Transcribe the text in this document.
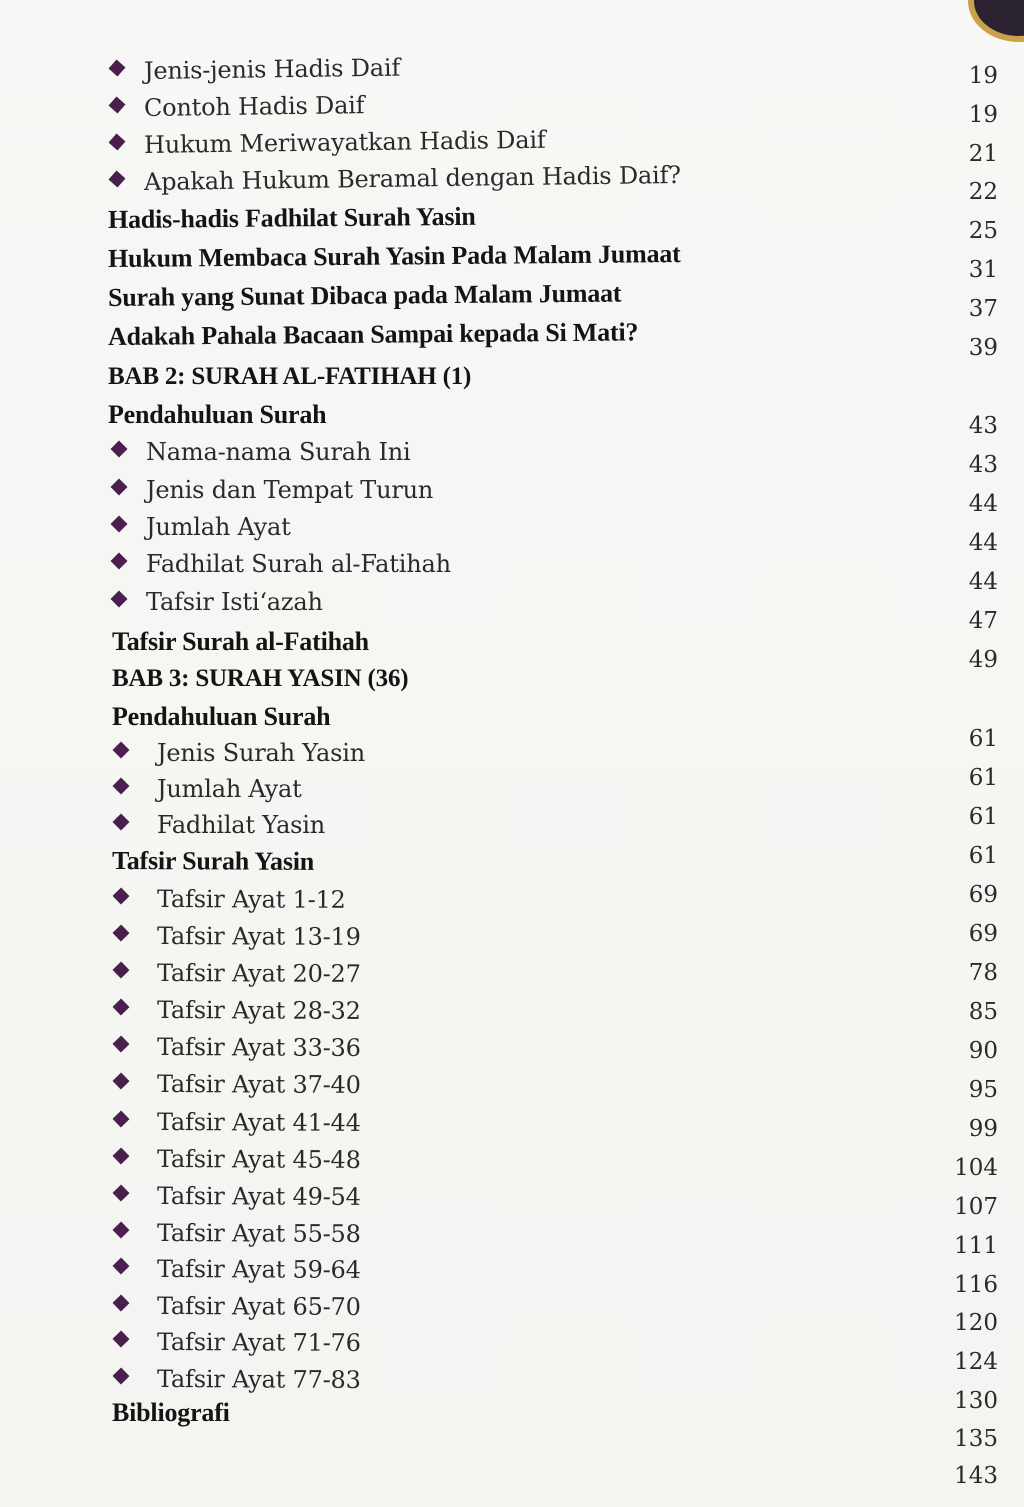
Jenis-jenis Hadis Daif
Contoh Hadis Daif
Hukum Meriwayatkan Hadis Daif
Apakah Hukum Beramal dengan Hadis Daif?
Hadis-hadis Fadhilat Surah Yasin
Hukum Membaca Surah Yasin Pada Malam Jumaat
Surah yang Sunat Dibaca pada Malam Jumaat
Adakah Pahala Bacaan Sampai kepada Si Mati?
BAB 2: SURAH AL-FATIHAH (1)
Pendahuluan Surah
Nama-nama Surah Ini
Jenis dan Tempat Turun
Jumlah Ayat
Fadhilat Surah al-Fatihah
Tafsir Isti‘azah
Tafsir Surah al-Fatihah
BAB 3: SURAH YASIN (36)
Pendahuluan Surah
Jenis Surah Yasin
Jumlah Ayat
Fadhilat Yasin
Tafsir Surah Yasin
Tafsir Ayat 1-12
Tafsir Ayat 13-19
Tafsir Ayat 20-27
Tafsir Ayat 28-32
Tafsir Ayat 33-36
Tafsir Ayat 37-40
Tafsir Ayat 41-44
Tafsir Ayat 45-48
Tafsir Ayat 49-54
Tafsir Ayat 55-58
Tafsir Ayat 59-64
Tafsir Ayat 65-70
Tafsir Ayat 71-76
Tafsir Ayat 77-83
Bibliografi
19
19
21
22
25
31
37
39
43
43
44
44
44
47
49
61
61
61
61
69
69
78
85
90
95
99
104
107
111
116
120
124
130
135
143
